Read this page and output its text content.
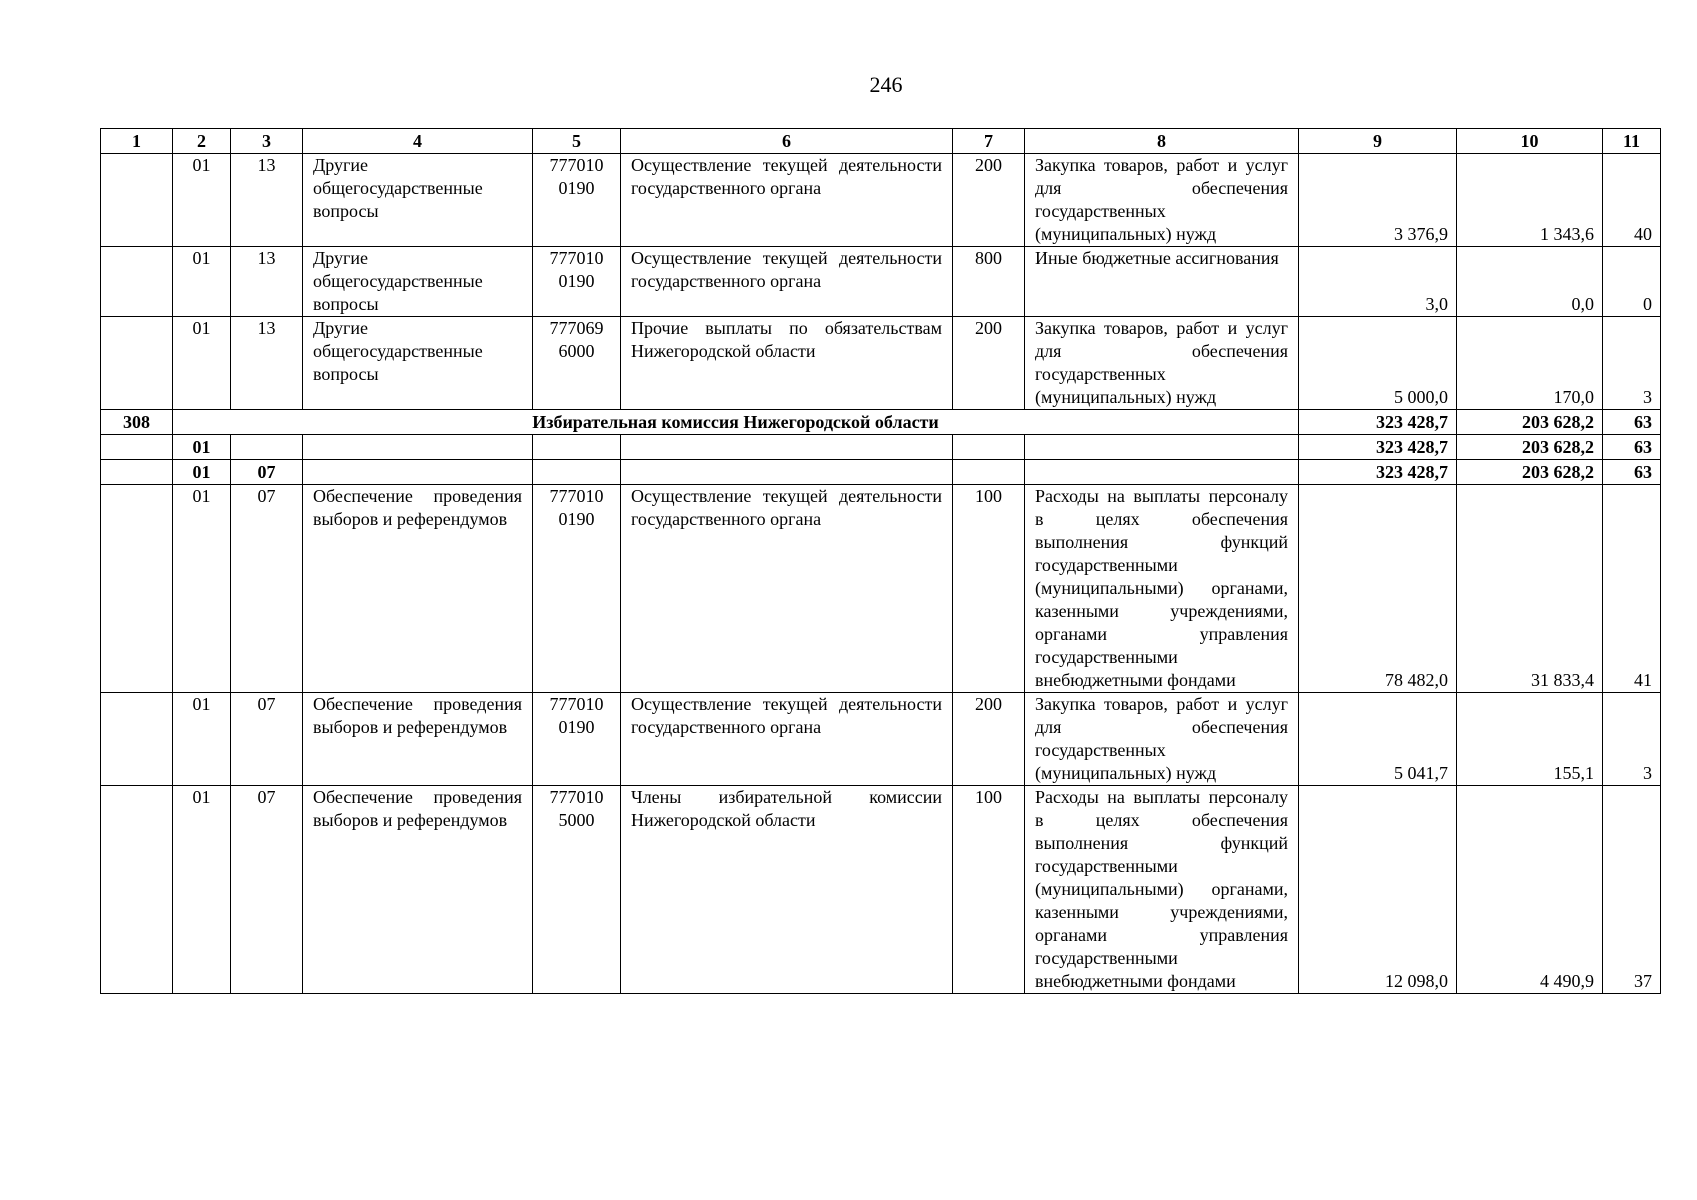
246
1	2	3	4	5	6	7	8	9	10	11
	01	13	Другие общегосударственные вопросы	777010 0190	Осуществление текущей деятельности государственного органа	200	Закупка товаров, работ и услуг для обеспечения государственных (муниципальных) нужд	3 376,9	1 343,6	40
	01	13	Другие общегосударственные вопросы	777010 0190	Осуществление текущей деятельности государственного органа	800	Иные бюджетные ассигнования	3,0	0,0	0
	01	13	Другие общегосударственные вопросы	777069 6000	Прочие выплаты по обязательствам Нижегородской области	200	Закупка товаров, работ и услуг для обеспечения государственных (муниципальных) нужд	5 000,0	170,0	3
308	Избирательная комиссия Нижегородской области							323 428,7	203 628,2	63
	01							323 428,7	203 628,2	63
	01	07						323 428,7	203 628,2	63
	01	07	Обеспечение проведения выборов и референдумов	777010 0190	Осуществление текущей деятельности государственного органа	100	Расходы на выплаты персоналу в целях обеспечения выполнения функций государственными (муниципальными) органами, казенными учреждениями, органами управления государственными внебюджетными фондами	78 482,0	31 833,4	41
	01	07	Обеспечение проведения выборов и референдумов	777010 0190	Осуществление текущей деятельности государственного органа	200	Закупка товаров, работ и услуг для обеспечения государственных (муниципальных) нужд	5 041,7	155,1	3
	01	07	Обеспечение проведения выборов и референдумов	777010 5000	Члены избирательной комиссии Нижегородской области	100	Расходы на выплаты персоналу в целях обеспечения выполнения функций государственными (муниципальными) органами, казенными учреждениями, органами управления государственными внебюджетными фондами	12 098,0	4 490,9	37
